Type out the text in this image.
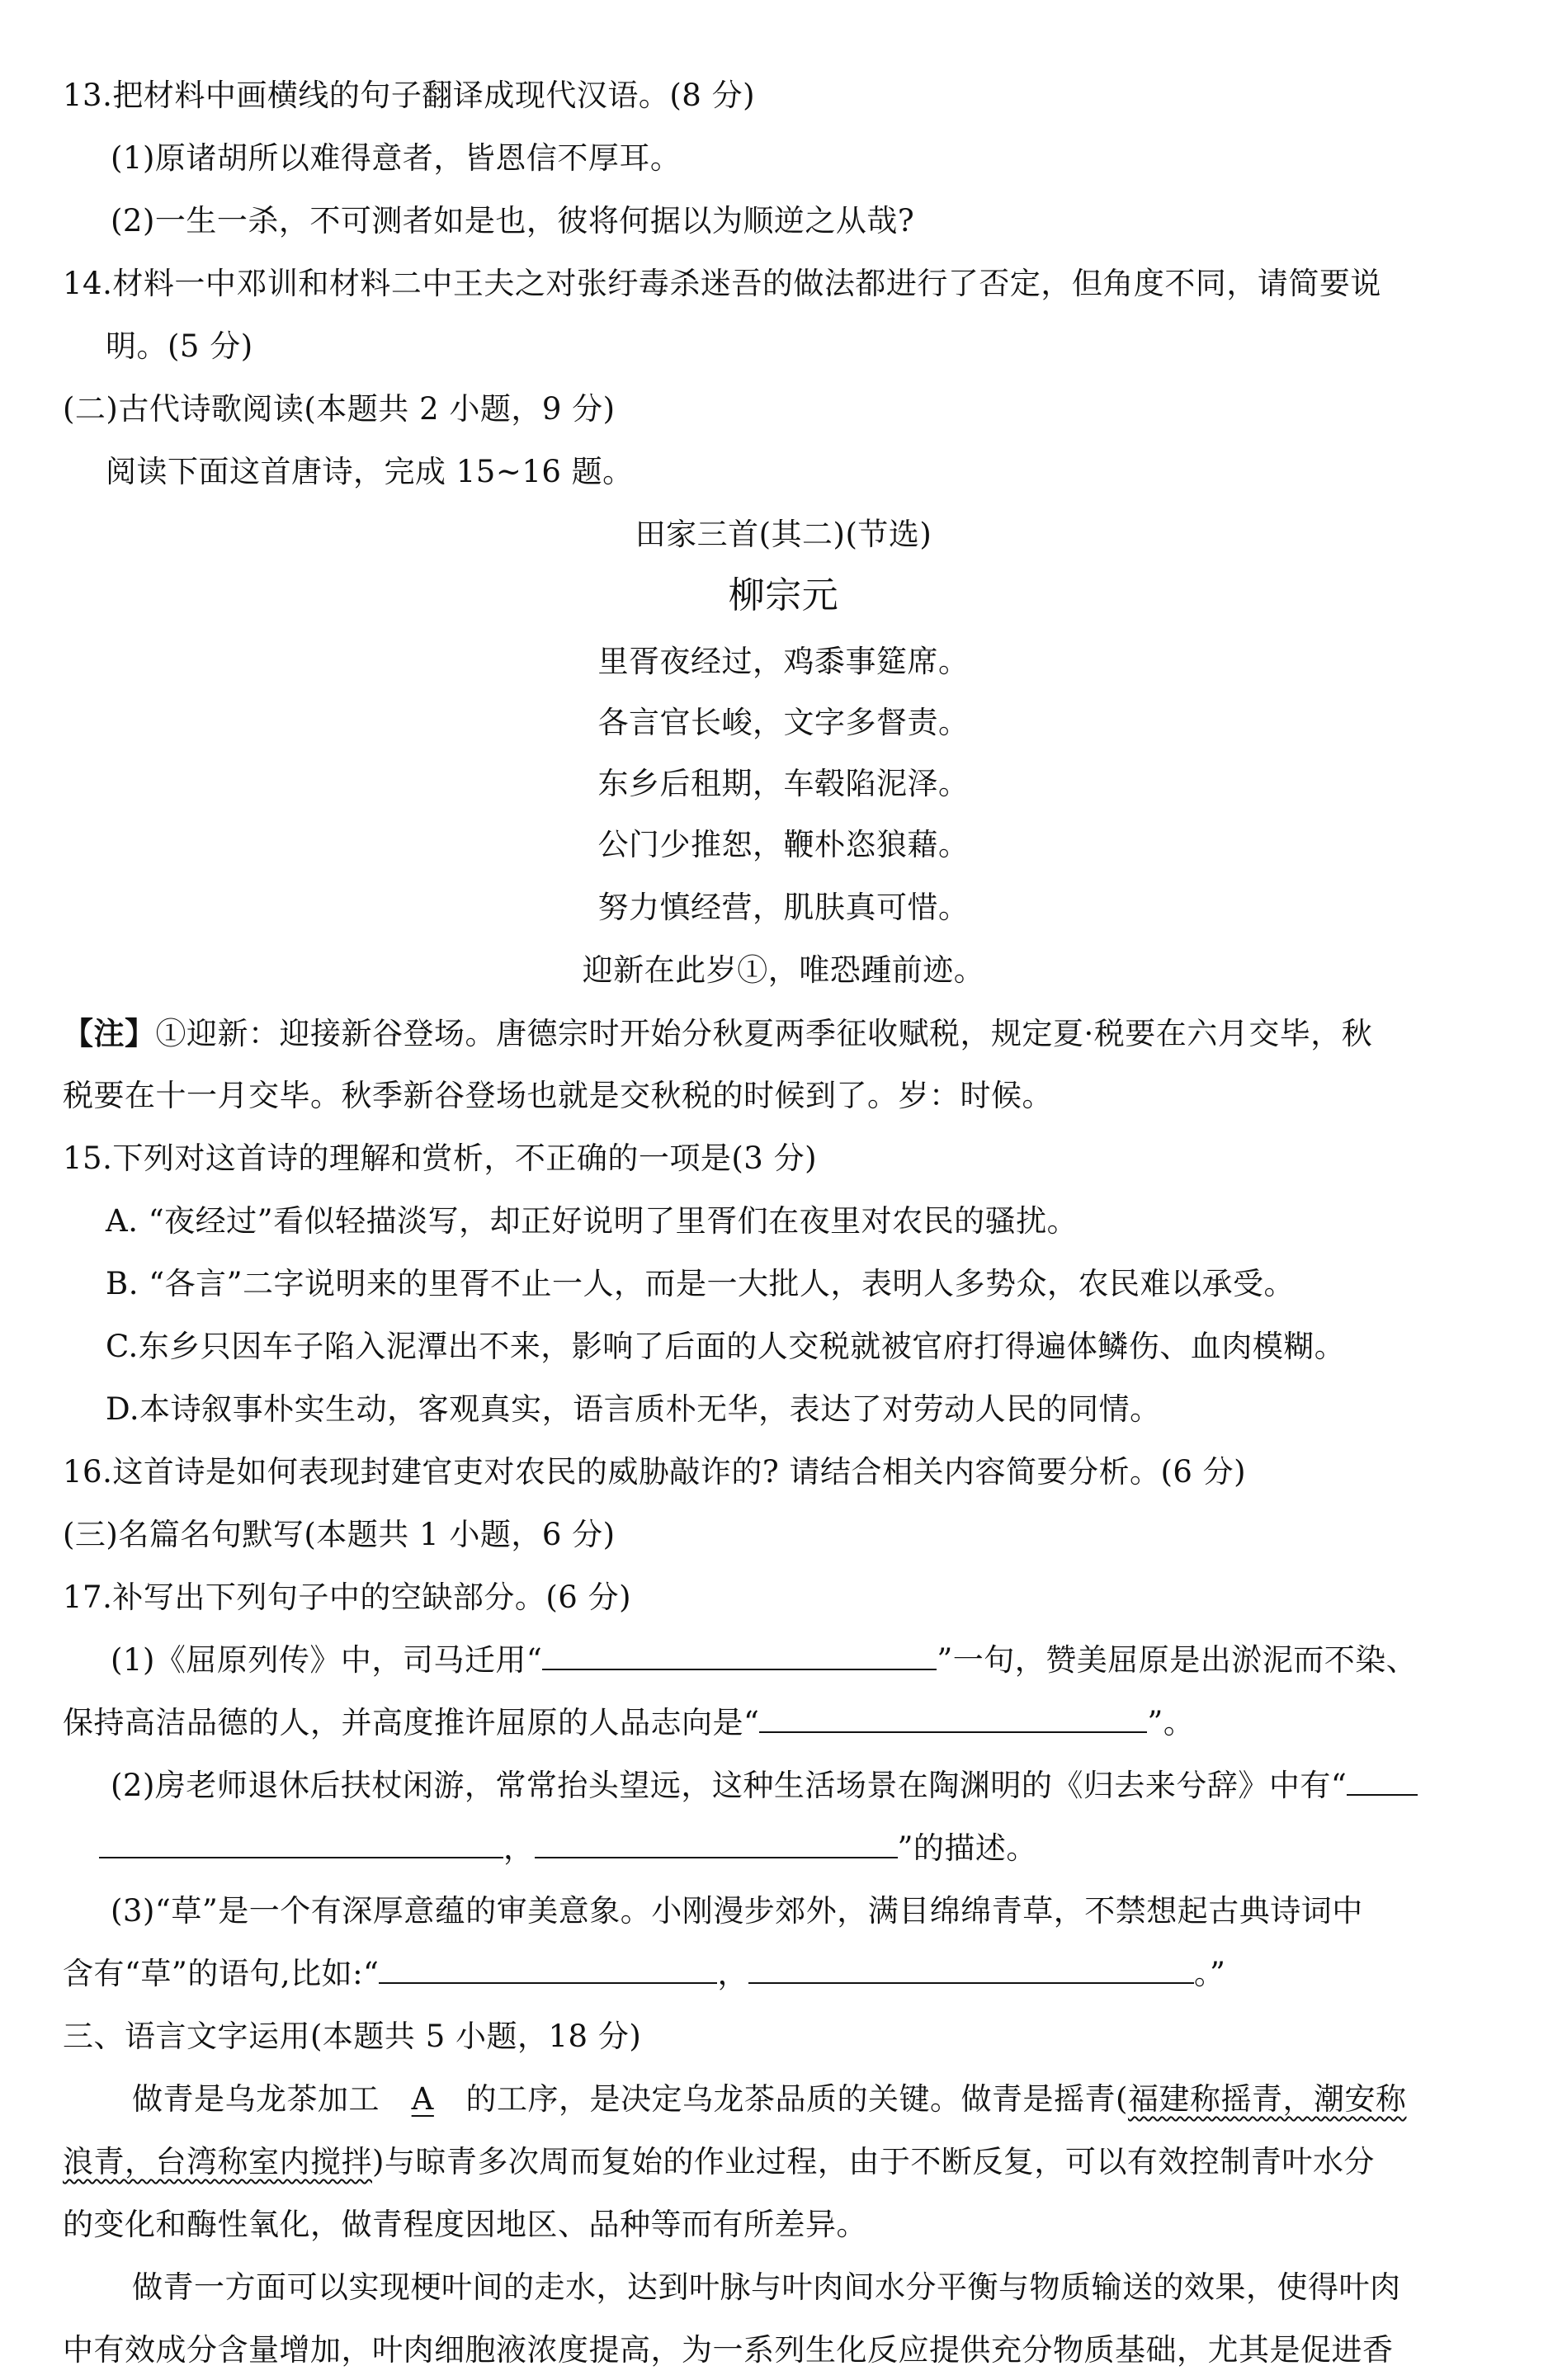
13.把材料中画横线的句子翻译成现代汉语。(8 分)
(1)原诸胡所以难得意者，皆恩信不厚耳。
(2)一生一杀，不可测者如是也，彼将何据以为顺逆之从哉?
14.材料一中邓训和材料二中王夫之对张纡毒杀迷吾的做法都进行了否定，但角度不同，请简要说
明。(5 分)
(二)古代诗歌阅读(本题共 2 小题，9 分)
阅读下面这首唐诗，完成 15~16 题。
田家三首(其二)(节选)
柳宗元
里胥夜经过，鸡黍事筵席。
各言官长峻，文字多督责。
东乡后租期，车毂陷泥泽。
公门少推恕，鞭朴恣狼藉。
努力慎经营，肌肤真可惜。
迎新在此岁①，唯恐踵前迹。
【注】①迎新：迎接新谷登场。唐德宗时开始分秋夏两季征收赋税，规定夏·税要在六月交毕，秋
税要在十一月交毕。秋季新谷登场也就是交秋税的时候到了。岁：时候。
15.下列对这首诗的理解和赏析，不正确的一项是(3 分)
A. “夜经过”看似轻描淡写，却正好说明了里胥们在夜里对农民的骚扰。
B. “各言”二字说明来的里胥不止一人，而是一大批人，表明人多势众，农民难以承受。
C.东乡只因车子陷入泥潭出不来，影响了后面的人交税就被官府打得遍体鳞伤、血肉模糊。
D.本诗叙事朴实生动，客观真实，语言质朴无华，表达了对劳动人民的同情。
16.这首诗是如何表现封建官吏对农民的威胁敲诈的? 请结合相关内容简要分析。(6 分)
(三)名篇名句默写(本题共 1 小题，6 分)
17.补写出下列句子中的空缺部分。(6 分)
(1)《屈原列传》中，司马迁用“	”一句，赞美屈原是出淤泥而不染、
保持高洁品德的人，并高度推许屈原的人品志向是“	”。
(2)房老师退休后扶杖闲游，常常抬头望远，这种生活场景在陶渊明的《归去来兮辞》中有“
，	”的描述。
(3)“草”是一个有深厚意蕴的审美意象。小刚漫步郊外，满目绵绵青草，不禁想起古典诗词中
含有“草”的语句,比如:“	，	。”
三、语言文字运用(本题共 5 小题，18 分)
做青是乌龙茶加工 A 的工序，是决定乌龙茶品质的关键。做青是摇青(福建称摇青，潮安称
浪青，台湾称室内搅拌)与晾青多次周而复始的作业过程，由于不断反复，可以有效控制青叶水分
的变化和酶性氧化，做青程度因地区、品种等而有所差异。
做青一方面可以实现梗叶间的走水，达到叶脉与叶肉间水分平衡与物质输送的效果，使得叶肉
中有效成分含量增加，叶肉细胞液浓度提高，为一系列生化反应提供充分物质基础，尤其是促进香
